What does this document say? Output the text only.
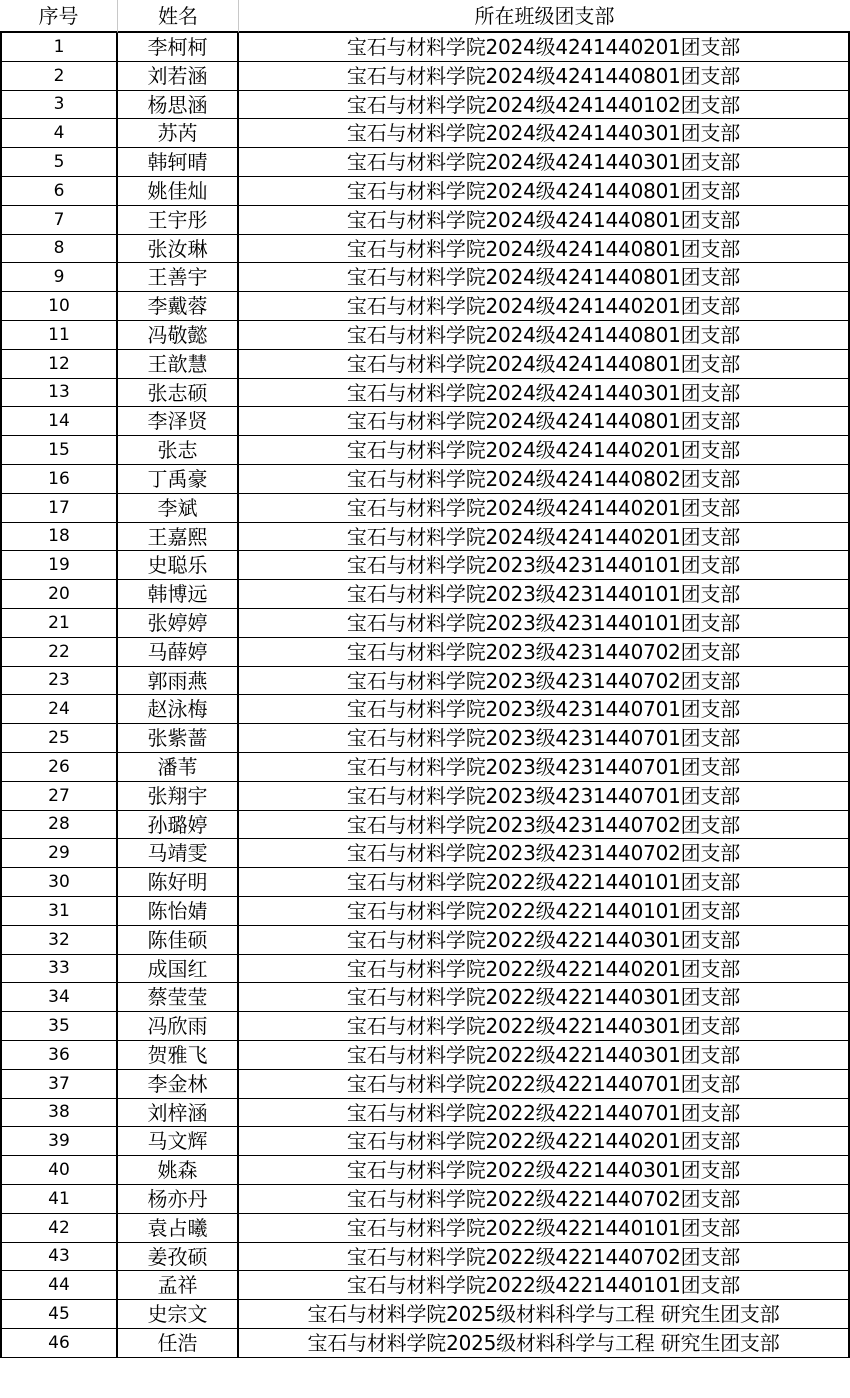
序号	姓名	所在班级团支部
1	李柯柯	宝石与材料学院2024级4241440201团支部
2	刘若涵	宝石与材料学院2024级4241440801团支部
3	杨思涵	宝石与材料学院2024级4241440102团支部
4	苏芮	宝石与材料学院2024级4241440301团支部
5	韩轲晴	宝石与材料学院2024级4241440301团支部
6	姚佳灿	宝石与材料学院2024级4241440801团支部
7	王宇彤	宝石与材料学院2024级4241440801团支部
8	张汝琳	宝石与材料学院2024级4241440801团支部
9	王善宇	宝石与材料学院2024级4241440801团支部
10	李戴蓉	宝石与材料学院2024级4241440201团支部
11	冯敬懿	宝石与材料学院2024级4241440801团支部
12	王歆慧	宝石与材料学院2024级4241440801团支部
13	张志硕	宝石与材料学院2024级4241440301团支部
14	李泽贤	宝石与材料学院2024级4241440801团支部
15	张志	宝石与材料学院2024级4241440201团支部
16	丁禹豪	宝石与材料学院2024级4241440802团支部
17	李斌	宝石与材料学院2024级4241440201团支部
18	王嘉熙	宝石与材料学院2024级4241440201团支部
19	史聪乐	宝石与材料学院2023级4231440101团支部
20	韩博远	宝石与材料学院2023级4231440101团支部
21	张婷婷	宝石与材料学院2023级4231440101团支部
22	马薛婷	宝石与材料学院2023级4231440702团支部
23	郭雨燕	宝石与材料学院2023级4231440702团支部
24	赵泳梅	宝石与材料学院2023级4231440701团支部
25	张紫蔷	宝石与材料学院2023级4231440701团支部
26	潘苇	宝石与材料学院2023级4231440701团支部
27	张翔宇	宝石与材料学院2023级4231440701团支部
28	孙璐婷	宝石与材料学院2023级4231440702团支部
29	马靖雯	宝石与材料学院2023级4231440702团支部
30	陈好明	宝石与材料学院2022级4221440101团支部
31	陈怡婧	宝石与材料学院2022级4221440101团支部
32	陈佳硕	宝石与材料学院2022级4221440301团支部
33	成国红	宝石与材料学院2022级4221440201团支部
34	蔡莹莹	宝石与材料学院2022级4221440301团支部
35	冯欣雨	宝石与材料学院2022级4221440301团支部
36	贺雅飞	宝石与材料学院2022级4221440301团支部
37	李金林	宝石与材料学院2022级4221440701团支部
38	刘梓涵	宝石与材料学院2022级4221440701团支部
39	马文辉	宝石与材料学院2022级4221440201团支部
40	姚森	宝石与材料学院2022级4221440301团支部
41	杨亦丹	宝石与材料学院2022级4221440702团支部
42	袁占曦	宝石与材料学院2022级4221440101团支部
43	姜孜硕	宝石与材料学院2022级4221440702团支部
44	孟祥	宝石与材料学院2022级4221440101团支部
45	史宗文	宝石与材料学院2025级材料科学与工程 研究生团支部
46	任浩	宝石与材料学院2025级材料科学与工程 研究生团支部
